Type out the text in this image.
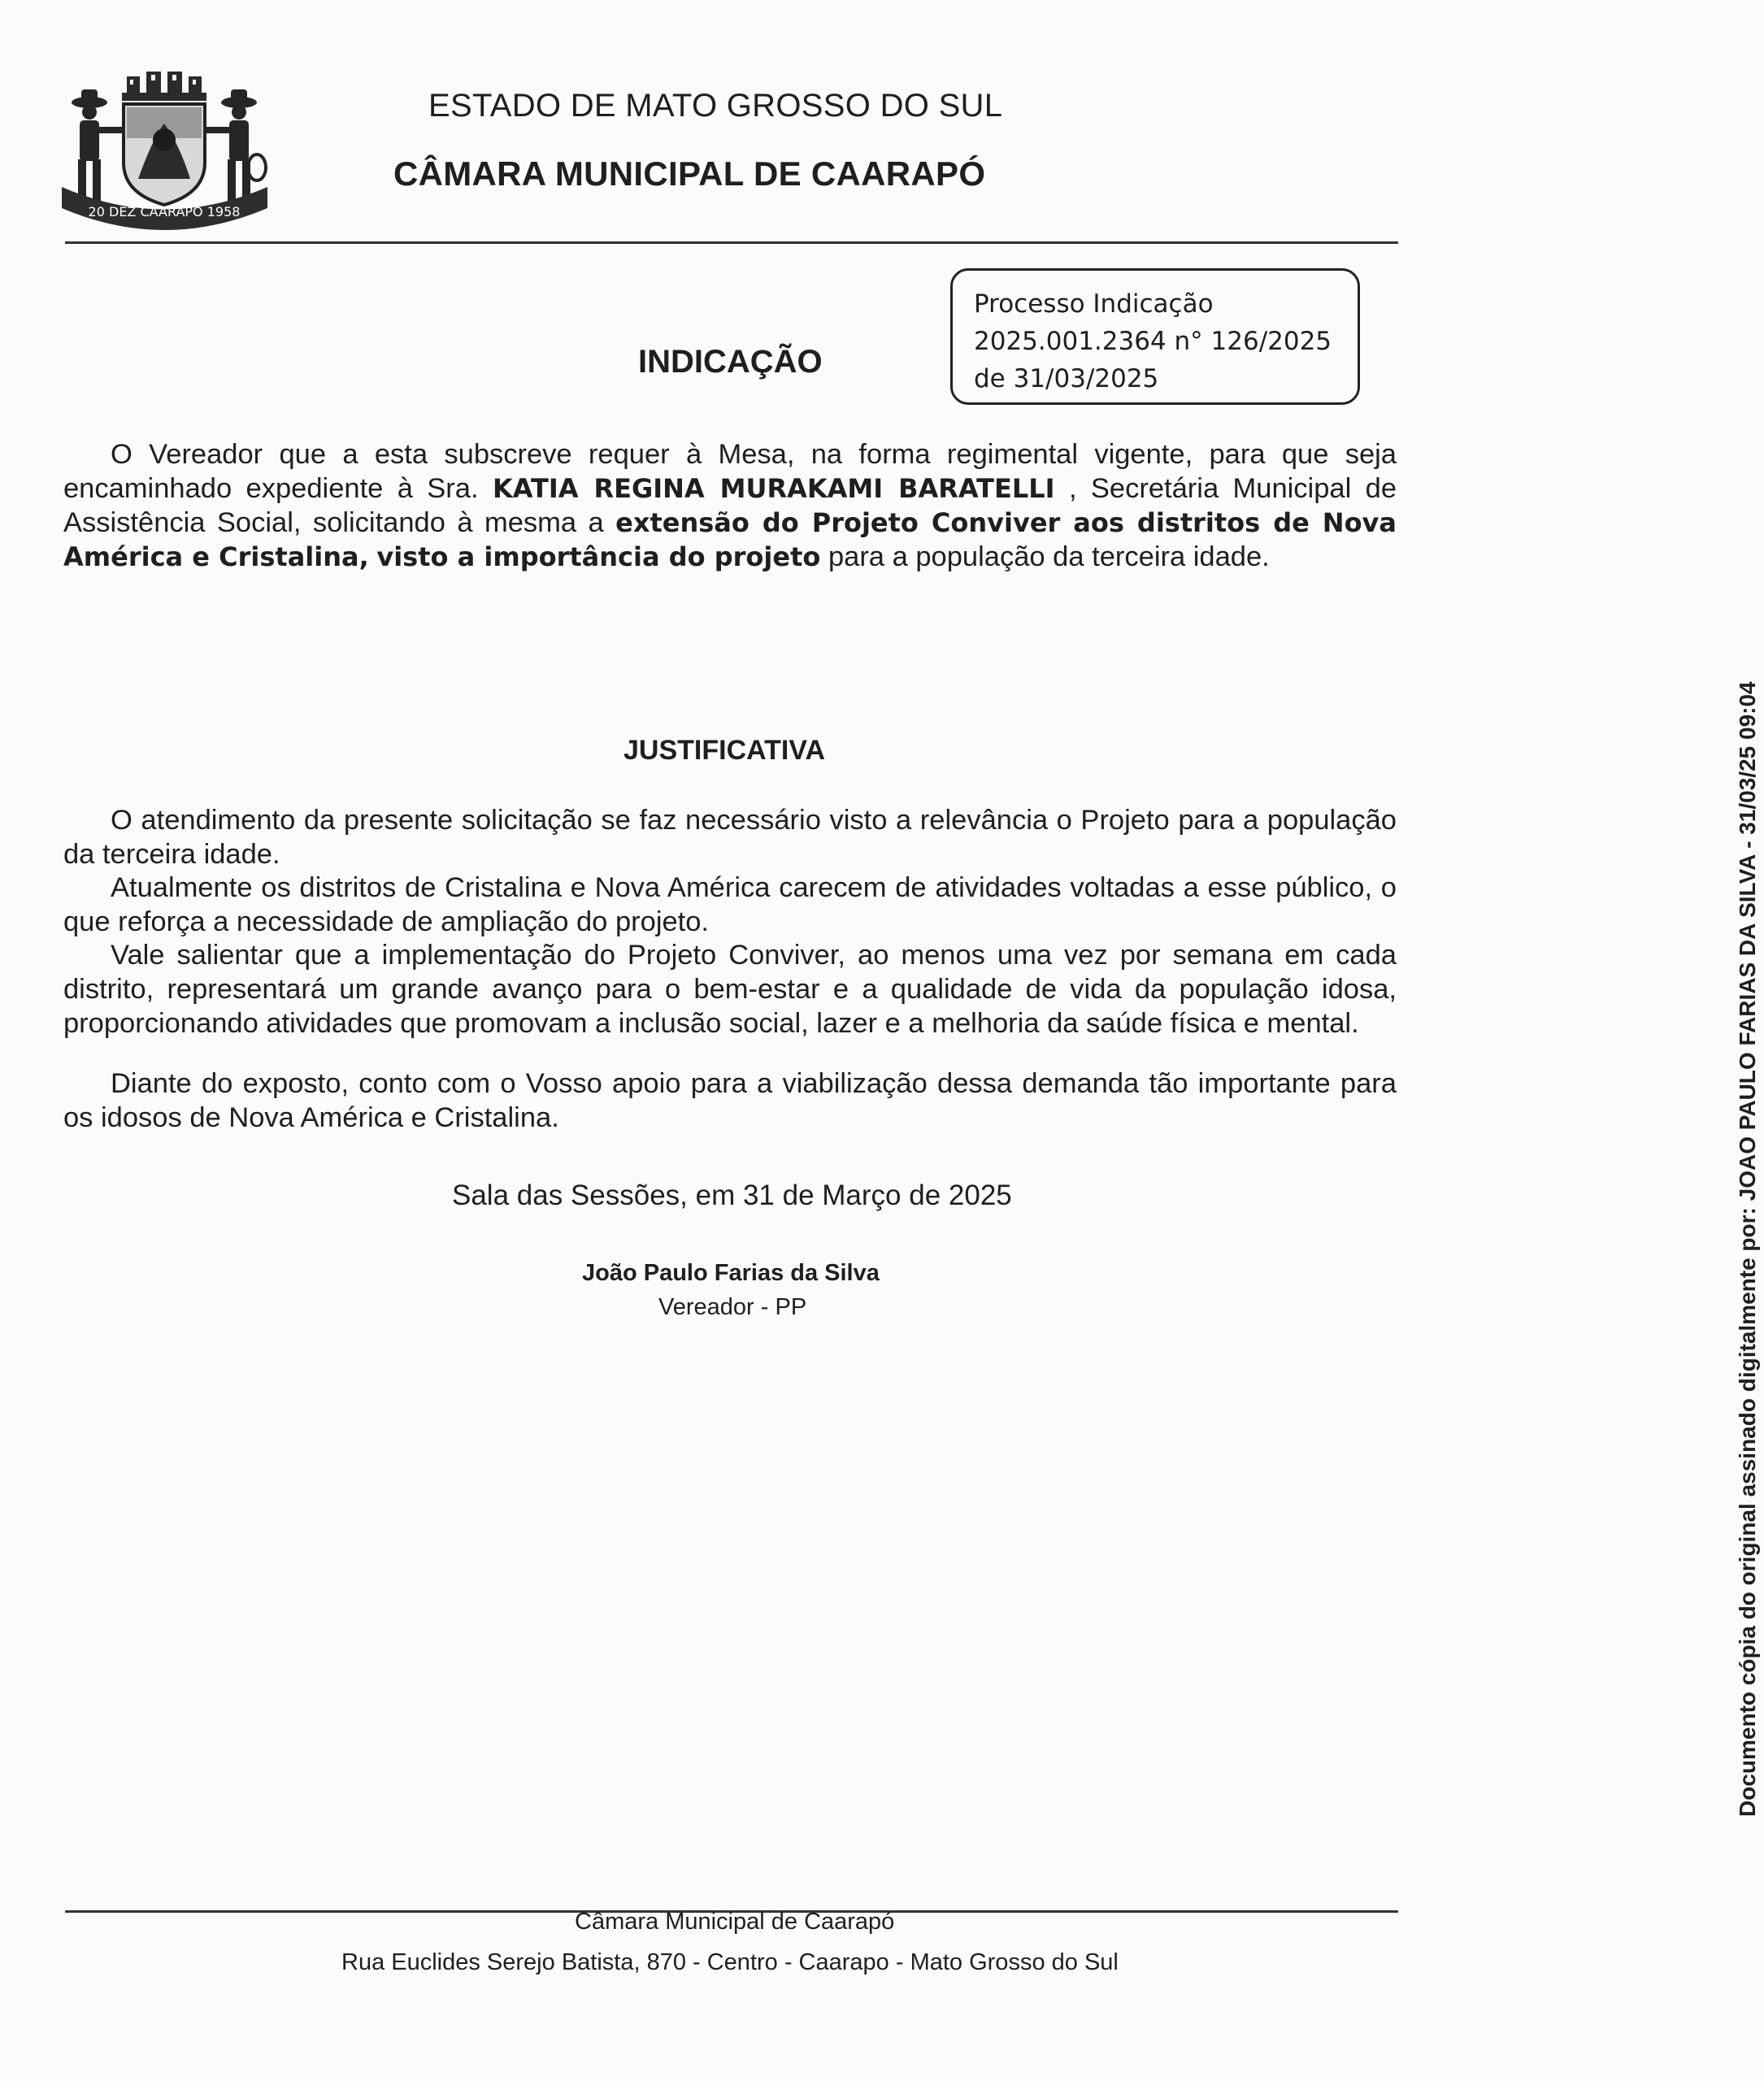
20 DEZ CAARAPÓ 1958
ESTADO DE MATO GROSSO DO SUL
CÂMARA MUNICIPAL DE CAARAPÓ
Processo Indicação
2025.001.2364 n° 126/2025
de 31/03/2025
INDICAÇÃO
O Vereador que a esta subscreve requer à Mesa, na forma regimental vigente, para que seja encaminhado expediente à Sra. KATIA REGINA MURAKAMI BARATELLI , Secretária Municipal de Assistência Social, solicitando à mesma a extensão do Projeto Conviver aos distritos de Nova América e Cristalina, visto a importância do projeto para a população da terceira idade.
JUSTIFICATIVA
O atendimento da presente solicitação se faz necessário visto a relevância o Projeto para a população da terceira idade.
Atualmente os distritos de Cristalina e Nova América carecem de atividades voltadas a esse público, o que reforça a necessidade de ampliação do projeto.
Vale salientar que a implementação do Projeto Conviver, ao menos uma vez por semana em cada distrito, representará um grande avanço para o bem-estar e a qualidade de vida da população idosa, proporcionando atividades que promovam a inclusão social, lazer e a melhoria da saúde física e mental.
Diante do exposto, conto com o Vosso apoio para a viabilização dessa demanda tão importante para os idosos de Nova América e Cristalina.
Sala das Sessões, em 31 de Março de 2025
João Paulo Farias da Silva
Vereador - PP
Câmara Municipal de Caarapó
Rua Euclides Serejo Batista, 870 - Centro - Caarapo - Mato Grosso do Sul
Documento cópia do original assinado digitalmente por: JOAO PAULO FARIAS DA SILVA - 31/03/25 09:04
